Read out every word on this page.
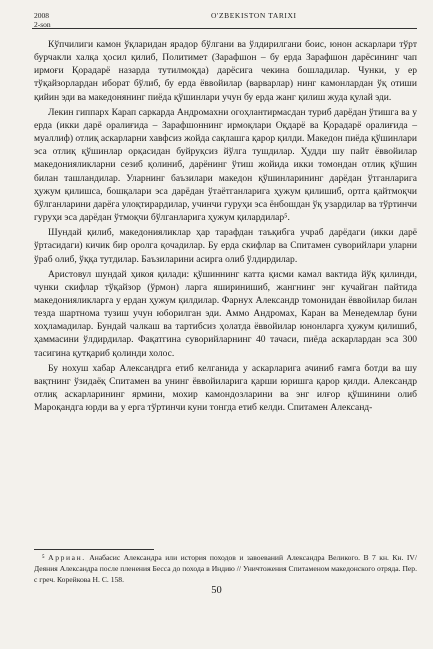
2008
2-son
O'ZBEKISTON TARIXI

Кўпчилиги камон ўқларидан ярадор бўлгани ва ўлдирилгани боис, юнон аскарлари тўрт бурчакли халқа ҳосил қилиб, Политимет (Зарафшон – бу ерда Зарафшон дарёсининг чап ирмоғи Қорадарё назарда тутилмоқда) дарёсига чекина бошладилар. Чунки, у ер тўқайзорлардан иборат бўлиб, бу ерда ёввойилар (варварлар) нинг камонлардан ўқ отиши қийин эди ва македонянинг пиёда қўшинлари учун бу ерда жанг қилиш жуда қулай эди.

Лекин гиппарх Карап саркарда Андромахни огоҳлантирмасдан туриб дарёдан ўтишга ва у ерда (икки дарё оралиғида – Зарафшоннинг ирмоқлари Оқдарё ва Қорадарё оралиғида – муаллиф) отлиқ аскарларни хавфсиз жойда сақлашга қарор қилди. Македон пиёда қўшинлари эса отлиқ қўшинлар орқасидан буйруқсиз йўлга тушдилар. Ҳудди шу пайт ёввойилар македонияликларни сезиб қолиниб, дарёнинг ўтиш жойида икки томондан отлиқ қўшин билан ташландилар. Уларнинг баъзилари македон қўшинларининг дарёдан ўтганларига ҳужум қилишса, бошқалари эса дарёдан ўтаётганларига ҳужум қилишиб, ортга қайтмоқчи бўлганларини дарёга улоқтирардилар, учинчи гуруҳи эса ёнбошдан ўқ узардилар ва тўртинчи гуруҳи эса дарёдан ўтмоқчи бўлганларига ҳужум қилардилар⁵.

Шундай қилиб, македонияликлар ҳар тарафдан таъқибга учраб дарёдаги (икки дарё ўртасидаги) кичик бир оролга қочадилар. Бу ерда скифлар ва Спитамен суворийлари уларни ўраб олиб, ўққа тутдилар. Баъзиларини асирга олиб ўлдирдилар.

Аристовул шундай ҳикоя қилади: қўшиннинг катта қисми камал вактида йўқ қилинди, чунки скифлар тўқайзор (ўрмон) ларга яширинишиб, жангнинг энг кучайган пайтида македонияликларга у ердан ҳужум қилдилар. Фарнух Александр томонидан ёввойилар билан тезда шартнома тузиш учун юборилган эди. Аммо Андромах, Каран ва Менедемлар буни хоҳламадилар. Бундай чалкаш ва тартибсиз ҳолатда ёввойилар юнонларга ҳужум қилишиб, ҳаммасини ўлдирдилар. Фақатгина суворийларнинг 40 тачаси, пиёда аскарлардан эса 300 тасигина қутқариб қолинди холос.

Бу нохуш хабар Александрга етиб келганида у аскарларига ачиниб ғамга ботди ва шу вақтнинг ўзидаёқ Спитамен ва унинг ёввойиларига қарши юришга қарор қилди. Александр отлиқ аскарларининг ярмини, мохир камондозларини ва энг илғор қўшинини олиб Мароқандга юрди ва у ерга тўртинчи куни тонгда етиб келди. Спитамен Александ-

⁵ Арриан. Анабасис Александра или история походов и завоеваний Александра Великого. В 7 кн. Кн. IV/ Деяния Александра после пленения Бесса до похода в Индию // Уничтожения Спитаменом македонского отряда. Пер. с греч. Корейкова Н. С. 158.
50
